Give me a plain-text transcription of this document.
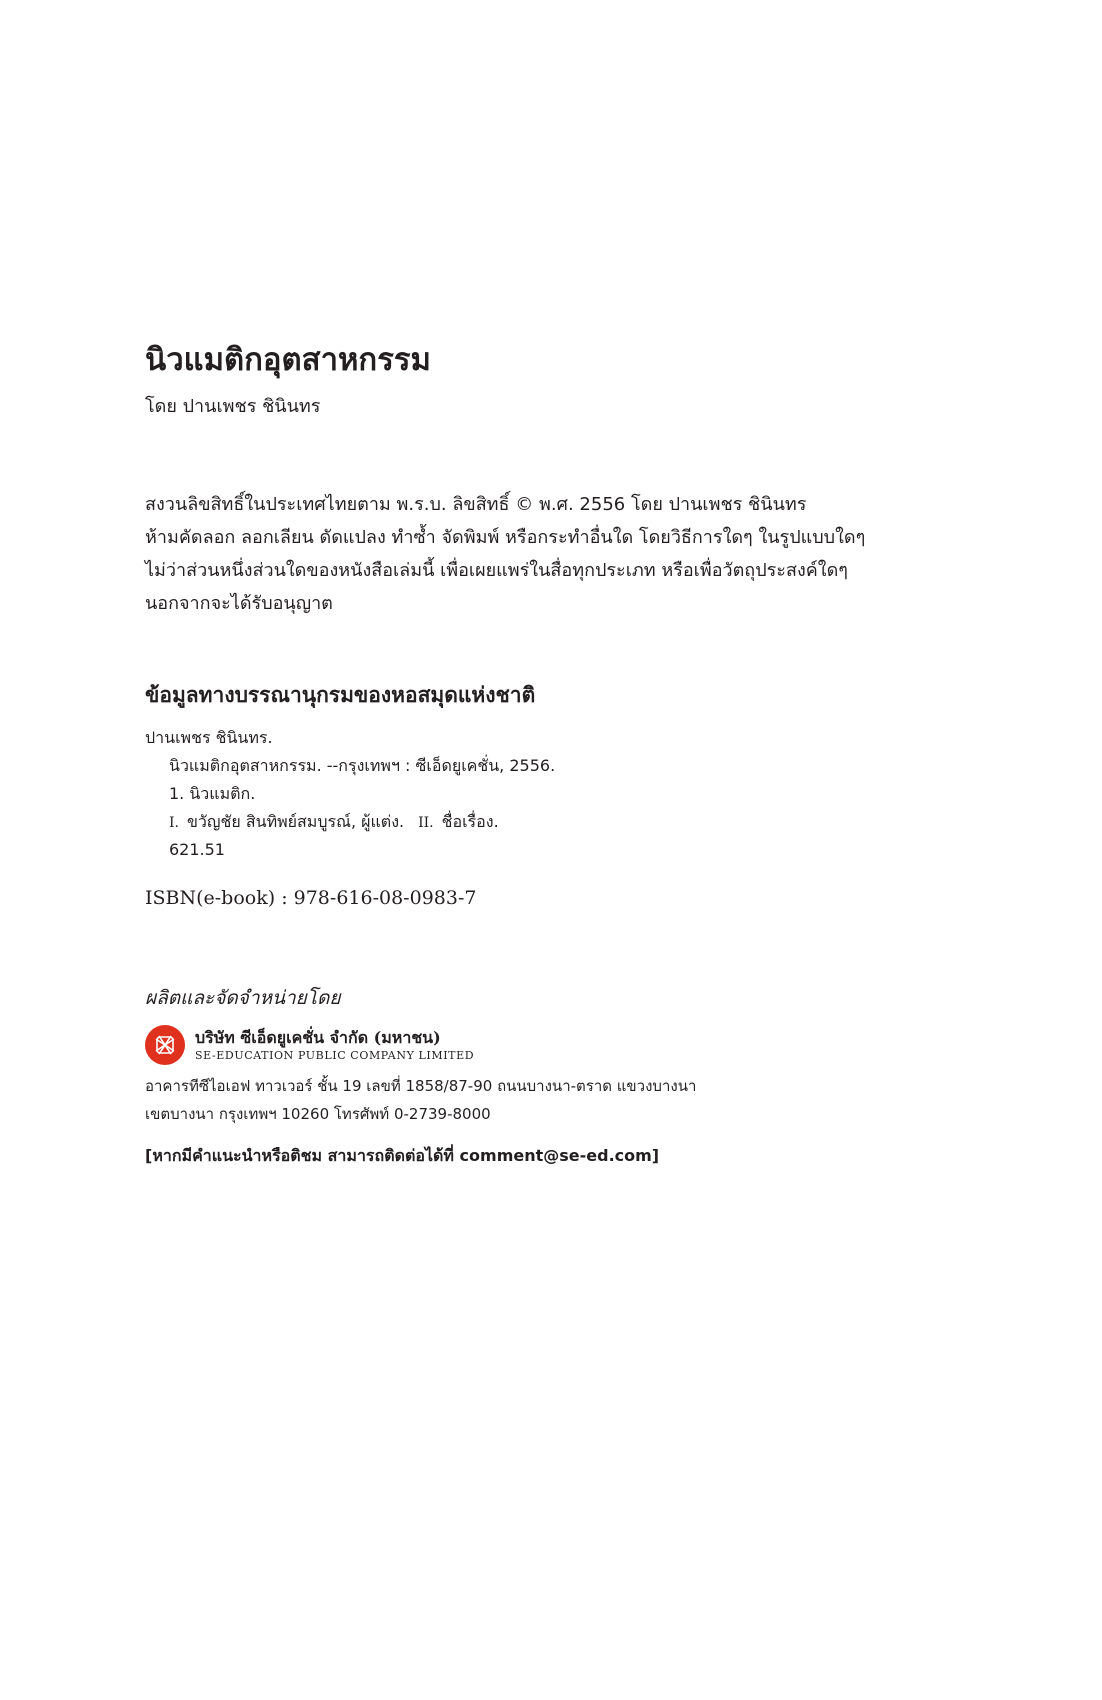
นิวแมติกอุตสาหกรรม
โดย ปานเพชร ชินินทร
สงวนลิขสิทธิ์ในประเทศไทยตาม พ.ร.บ. ลิขสิทธิ์ © พ.ศ. 2556 โดย ปานเพชร ชินินทร
ห้ามคัดลอก ลอกเลียน ดัดแปลง ทำซ้ำ จัดพิมพ์ หรือกระทำอื่นใด โดยวิธีการใดๆ ในรูปแบบใดๆ
ไม่ว่าส่วนหนึ่งส่วนใดของหนังสือเล่มนี้ เพื่อเผยแพร่ในสื่อทุกประเภท หรือเพื่อวัตถุประสงค์ใดๆ
นอกจากจะได้รับอนุญาต
ข้อมูลทางบรรณานุกรมของหอสมุดแห่งชาติ
ปานเพชร ชินินทร.
นิวแมติกอุตสาหกรรม. --กรุงเทพฯ : ซีเอ็ดยูเคชั่น, 2556.
1. นิวแมติก.
I. ขวัญชัย สินทิพย์สมบูรณ์, ผู้แต่ง. II. ชื่อเรื่อง.
621.51
ISBN(e-book) : 978-616-08-0983-7
ผลิตและจัดจำหน่ายโดย
บริษัท ซีเอ็ดยูเคชั่น จำกัด (มหาชน)
SE-EDUCATION PUBLIC COMPANY LIMITED
อาคารทีซีไอเอฟ ทาวเวอร์ ชั้น 19 เลขที่ 1858/87-90 ถนนบางนา-ตราด แขวงบางนา
เขตบางนา กรุงเทพฯ 10260 โทรศัพท์ 0-2739-8000
[หากมีคำแนะนำหรือติชม สามารถติดต่อได้ที่ comment@se-ed.com]
